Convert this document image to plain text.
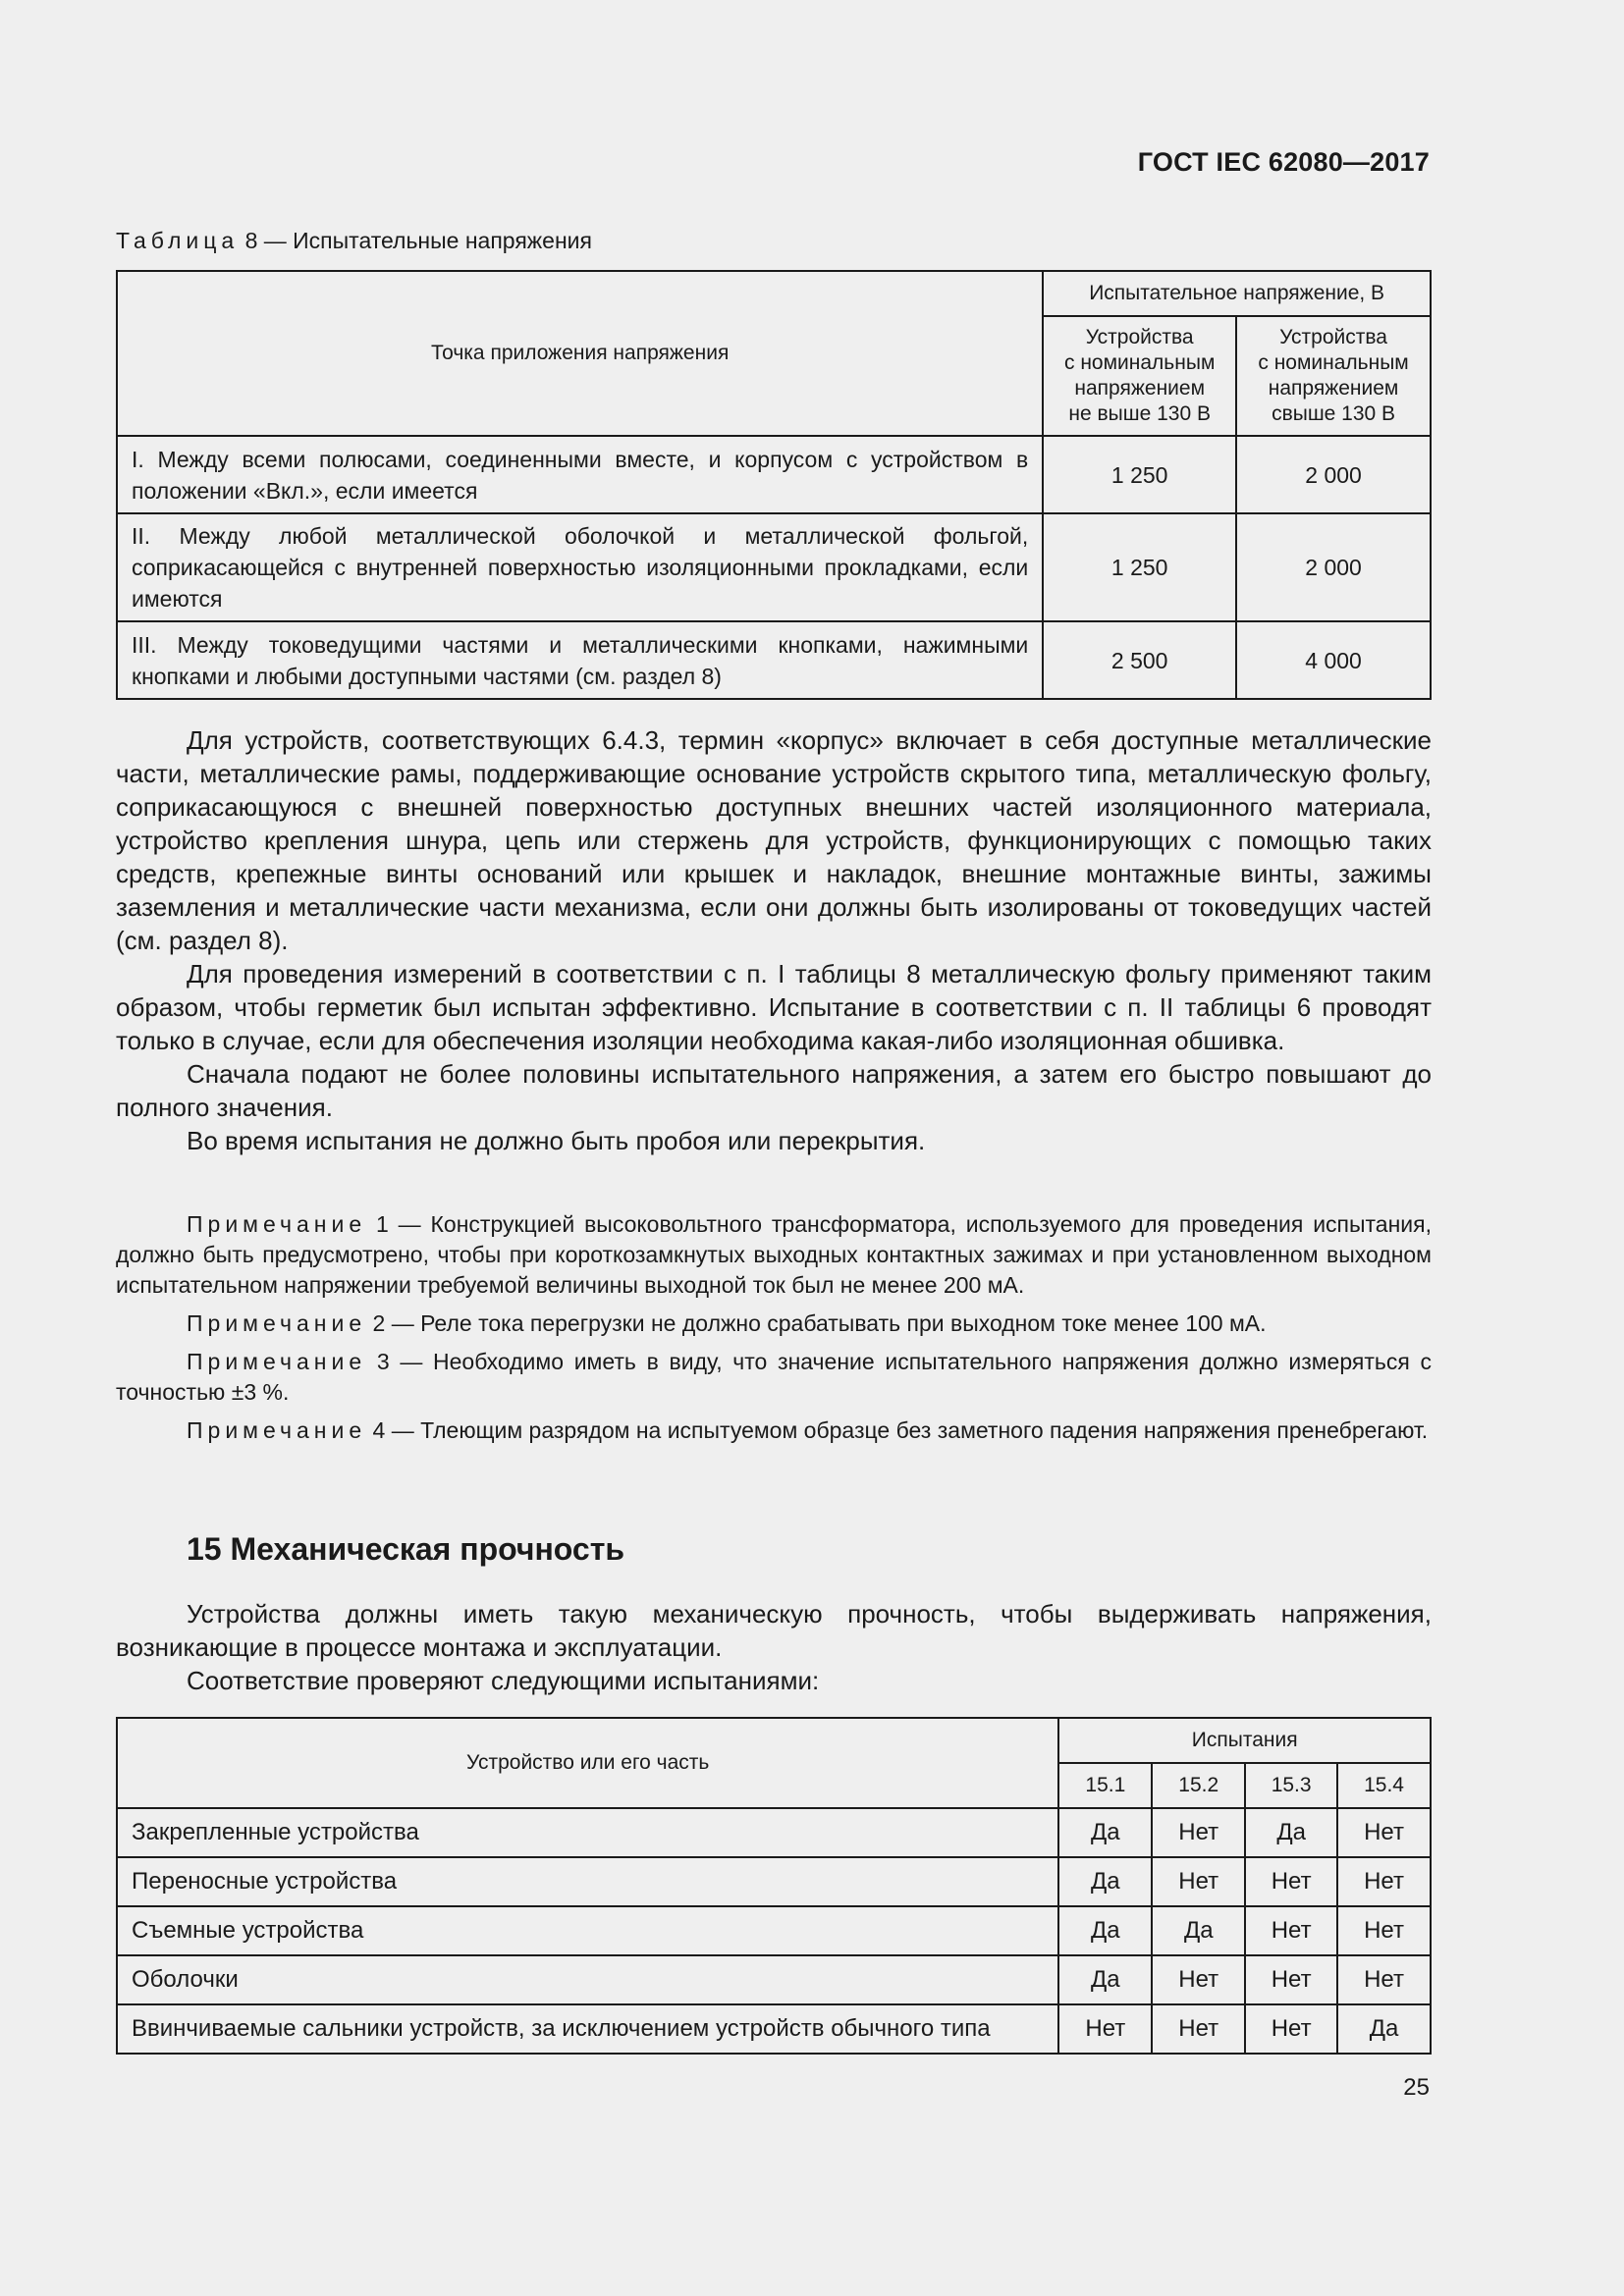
ГОСТ IEC 62080—2017
Таблица 8 — Испытательные напряжения
Точка приложения напряжения	Испытательное напряжение, В	
	Устройства
с номинальным
напряжением
не выше 130 В	Устройства
с номинальным
напряжением
свыше 130 В
I. Между всеми полюсами, соединенными вместе, и корпусом с устройством в положении «Вкл.», если имеется	1 250	2 000
II. Между любой металлической оболочкой и металлической фольгой, соприкасающейся с внутренней поверхностью изоляционными прокладками, если имеются	1 250	2 000
III. Между токоведущими частями и металлическими кнопками, нажимными кнопками и любыми доступными частями (см. раздел 8)	2 500	4 000

Для устройств, соответствующих 6.4.3, термин «корпус» включает в себя доступные металлические части, металлические рамы, поддерживающие основание устройств скрытого типа, металлическую фольгу, соприкасающуюся с внешней поверхностью доступных внешних частей изоляционного материала, устройство крепления шнура, цепь или стержень для устройств, функционирующих с помощью таких средств, крепежные винты оснований или крышек и накладок, внешние монтажные винты, зажимы заземления и металлические части механизма, если они должны быть изолированы от токоведущих частей (см. раздел 8).

Для проведения измерений в соответствии с п. I таблицы 8 металлическую фольгу применяют таким образом, чтобы герметик был испытан эффективно. Испытание в соответствии с п. II таблицы 6 проводят только в случае, если для обеспечения изоляции необходима какая-либо изоляционная обшивка.

Сначала подают не более половины испытательного напряжения, а затем его быстро повышают до полного значения.

Во время испытания не должно быть пробоя или перекрытия.

Примечание 1 — Конструкцией высоковольтного трансформатора, используемого для проведения испытания, должно быть предусмотрено, чтобы при короткозамкнутых выходных контактных зажимах и при установленном выходном испытательном напряжении требуемой величины выходной ток был не менее 200 мА.

Примечание 2 — Реле тока перегрузки не должно срабатывать при выходном токе менее 100 мА.

Примечание 3 — Необходимо иметь в виду, что значение испытательного напряжения должно измеряться с точностью ±3 %.

Примечание 4 — Тлеющим разрядом на испытуемом образце без заметного падения напряжения пренебрегают.

15 Механическая прочность

Устройства должны иметь такую механическую прочность, чтобы выдерживать напряжения, возникающие в процессе монтажа и эксплуатации.

Соответствие проверяют следующими испытаниями:

Устройство или его часть	Испытания			
	15.1	15.2	15.3	15.4
Закрепленные устройства	Да	Нет	Да	Нет
Переносные устройства	Да	Нет	Нет	Нет
Съемные устройства	Да	Да	Нет	Нет
Оболочки	Да	Нет	Нет	Нет
Ввинчиваемые сальники устройств, за исключением устройств обычного типа	Нет	Нет	Нет	Да
25
